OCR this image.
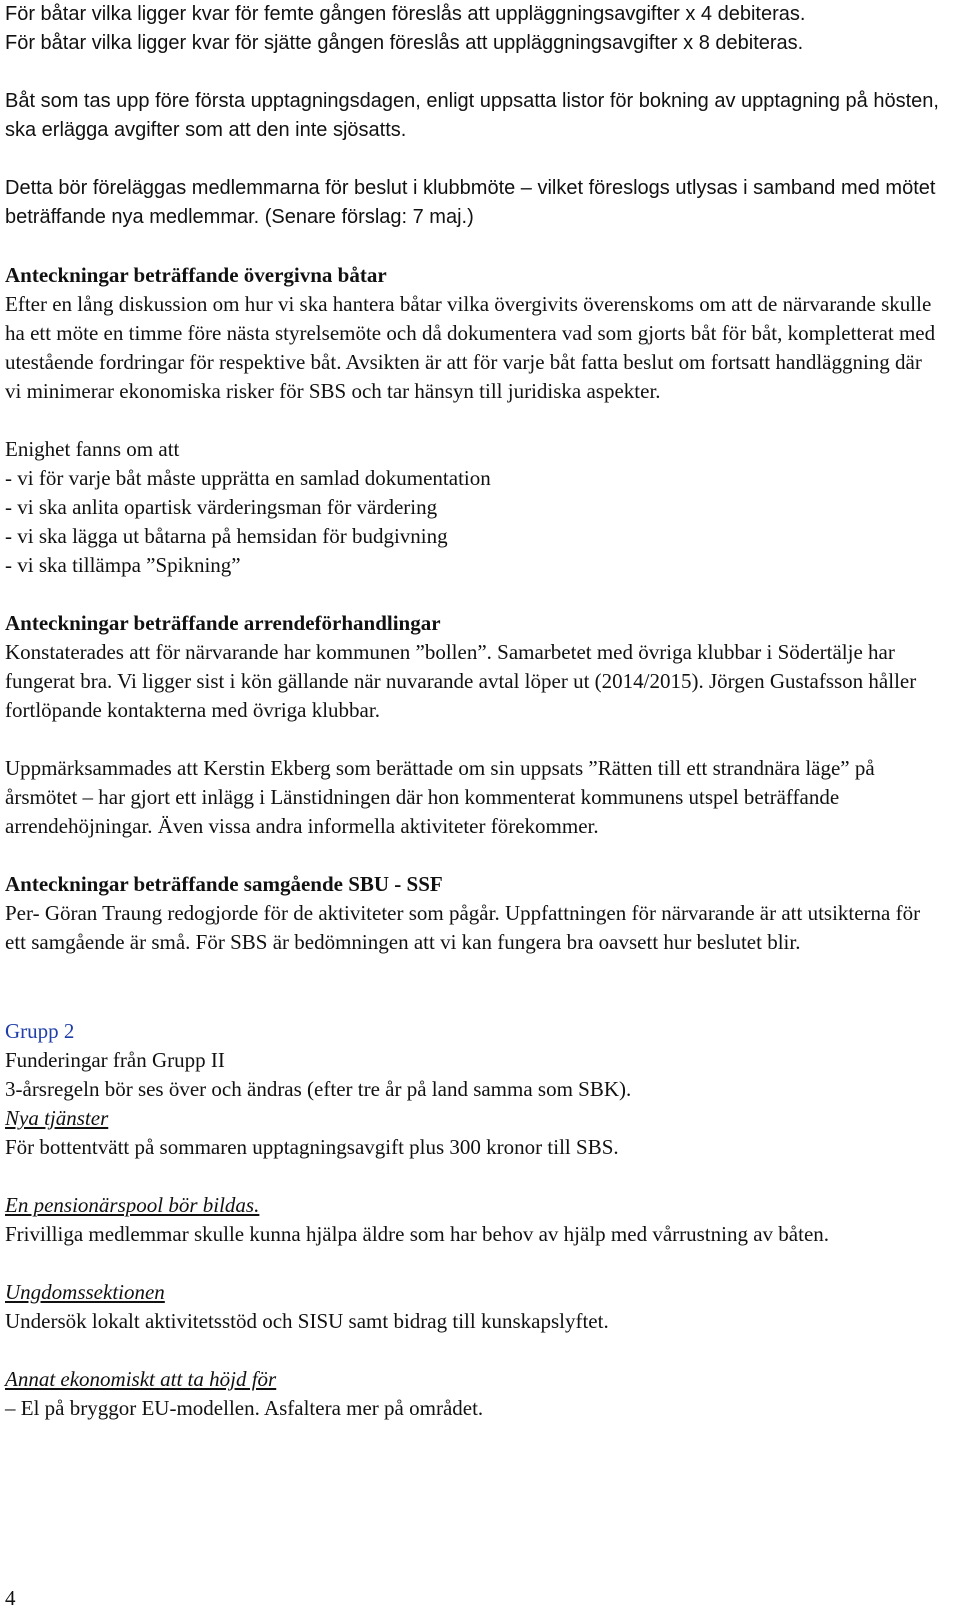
För båtar vilka ligger kvar för femte gången föreslås att uppläggningsavgifter x 4 debiteras.
För båtar vilka ligger kvar för sjätte gången föreslås att uppläggningsavgifter x 8 debiteras.

Båt som tas upp före första upptagningsdagen, enligt uppsatta listor för bokning av upptagning på hösten, ska erlägga avgifter som att den inte sjösatts.

Detta bör föreläggas medlemmarna för beslut i klubbmöte – vilket föreslogs utlysas i samband med mötet beträffande nya medlemmar. (Senare förslag: 7 maj.)

Anteckningar beträffande övergivna båtar

Efter en lång diskussion om hur vi ska hantera båtar vilka övergivits överenskoms om att de närvarande skulle ha ett möte en timme före nästa styrelsemöte och då dokumentera vad som gjorts båt för båt, kompletterat med utestående fordringar för respektive båt. Avsikten är att för varje båt fatta beslut om fortsatt handläggning där vi minimerar ekonomiska risker för SBS och tar hänsyn till juridiska aspekter.

Enighet fanns om att
- vi för varje båt måste upprätta en samlad dokumentation
- vi ska anlita opartisk värderingsman för värdering
- vi ska lägga ut båtarna på hemsidan för budgivning
- vi ska tillämpa ”Spikning”
Anteckningar beträffande arrendeförhandlingar

Konstaterades att för närvarande har kommunen ”bollen”. Samarbetet med övriga klubbar i Södertälje har fungerat bra. Vi ligger sist i kön gällande när nuvarande avtal löper ut (2014/2015). Jörgen Gustafsson håller fortlöpande kontakterna med övriga klubbar.

Uppmärksammades att Kerstin Ekberg som berättade om sin uppsats ”Rätten till ett strandnära läge” på årsmötet – har gjort ett inlägg i Länstidningen där hon kommenterat kommunens utspel beträffande arrendehöjningar. Även vissa andra informella aktiviteter förekommer.

Anteckningar beträffande samgående SBU - SSF

Per- Göran Traung redogjorde för de aktiviteter som pågår. Uppfattningen för närvarande är att utsikterna för ett samgående är små. För SBS är bedömningen att vi kan fungera bra oavsett hur beslutet blir.

Grupp 2
Funderingar från Grupp II
3-årsregeln bör ses över och ändras (efter tre år på land samma som SBK).
Nya tjänster
För bottentvätt på sommaren upptagningsavgift plus 300 kronor till SBS.
En pensionärspool bör bildas.

Frivilliga medlemmar skulle kunna hjälpa äldre som har behov av hjälp med vårrustning av båten.

Ungdomssektionen
Undersök lokalt aktivitetsstöd och SISU samt bidrag till kunskapslyftet.
Annat ekonomiskt att ta höjd för
– El på bryggor EU-modellen. Asfaltera mer på området.
4
